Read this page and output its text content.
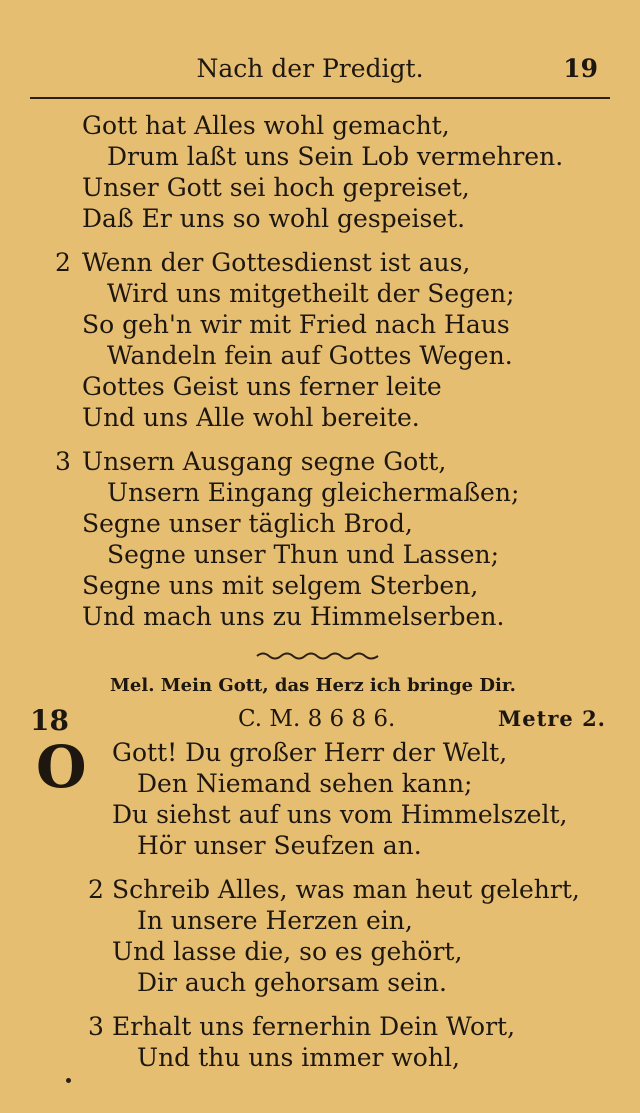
Nach der Predigt.	19
Gott hat Alles wohl gemacht,
Drum laßt uns Sein Lob vermehren.
Unser Gott sei hoch gepreiset,
Daß Er uns so wohl gespeiset.
2 Wenn der Gottesdienst ist aus,
Wird uns mitgetheilt der Segen;
So geh'n wir mit Fried nach Haus
Wandeln fein auf Gottes Wegen.
Gottes Geist uns ferner leite
Und uns Alle wohl bereite.
3 Unsern Ausgang segne Gott,
Unsern Eingang gleichermaßen;
Segne unser täglich Brod,
Segne unser Thun und Lassen;
Segne uns mit selgem Sterben,
Und mach uns zu Himmelserben.
Mel. Mein Gott, das Herz ich bringe Dir.
18	C. M. 8 6 8 6.	Metre 2.
O Gott! Du großer Herr der Welt,
Den Niemand sehen kann;
Du siehst auf uns vom Himmelszelt,
Hör unser Seufzen an.
2 Schreib Alles, was man heut gelehrt,
In unsere Herzen ein,
Und lasse die, so es gehört,
Dir auch gehorsam sein.
3 Erhalt uns fernerhin Dein Wort,
Und thu uns immer wohl,
